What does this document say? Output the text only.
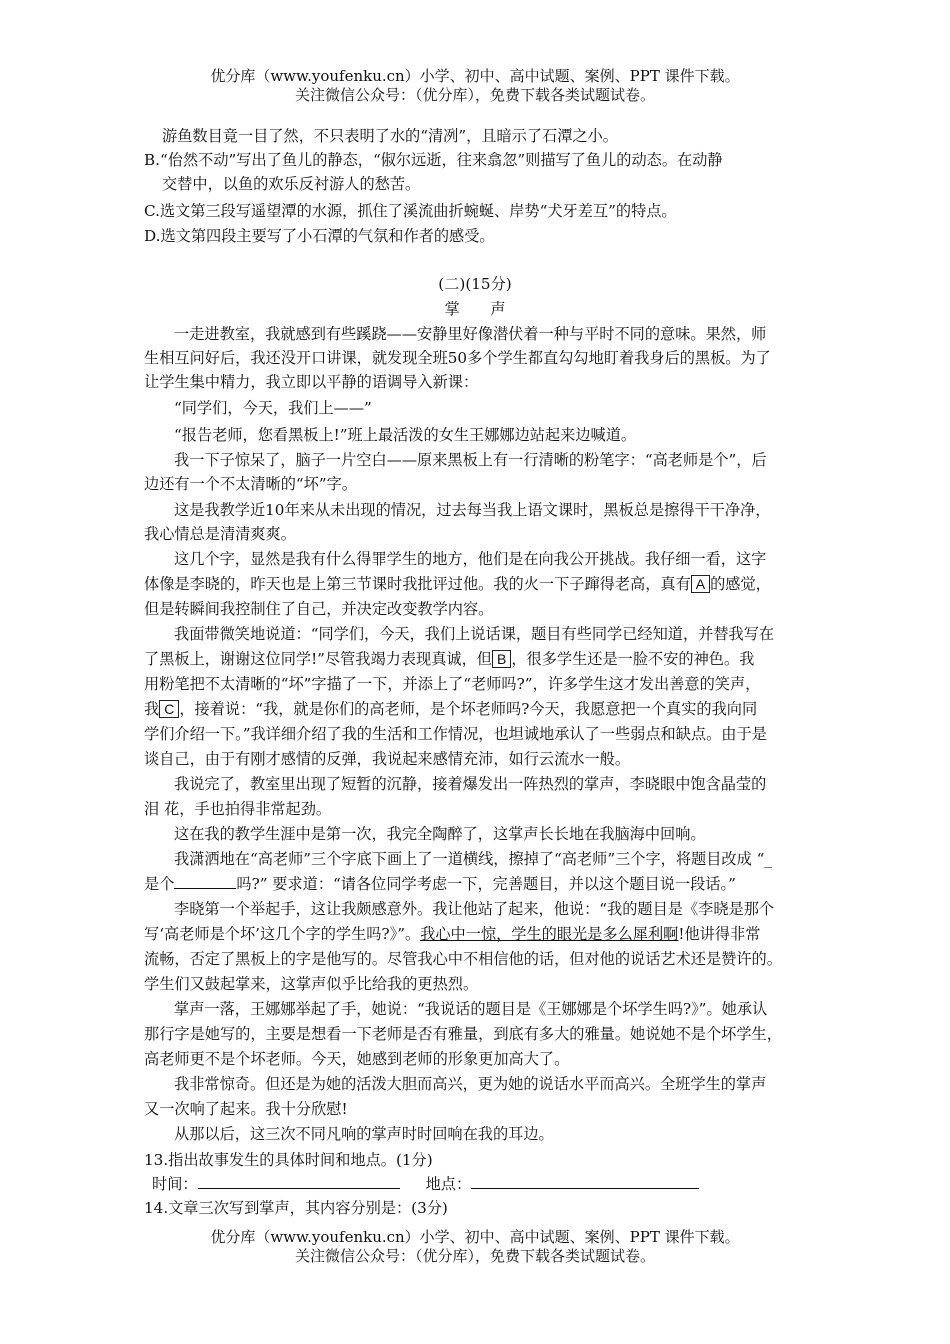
优分库（www.youfenku.cn）小学、初中、高中试题、案例、PPT 课件下载。
关注微信公众号：（优分库），免费下载各类试题试卷。
游鱼数目竟一目了然，不只表明了水的“清冽”，且暗示了石潭之小。
B.“佁然不动”写出了鱼儿的静态，“俶尔远逝，往来翕忽”则描写了鱼儿的动态。在动静
交替中，以鱼的欢乐反衬游人的愁苦。
C.选文第三段写遥望潭的水源，抓住了溪流曲折蜿蜒、岸势“犬牙差互”的特点。
D.选文第四段主要写了小石潭的气氛和作者的感受。
(二)(15分)
掌　　声
一走进教室，我就感到有些蹊跷——安静里好像潜伏着一种与平时不同的意味。果然，师
生相互问好后，我还没开口讲课，就发现全班50多个学生都直勾勾地盯着我身后的黑板。为了
让学生集中精力，我立即以平静的语调导入新课：
“同学们，今天，我们上——”
“报告老师，您看黑板上!”班上最活泼的女生王娜娜边站起来边喊道。
我一下子惊呆了，脑子一片空白——原来黑板上有一行清晰的粉笔字：“高老师是个”，后
边还有一个不太清晰的“坏”字。
这是我教学近10年来从未出现的情况，过去每当我上语文课时，黑板总是擦得干干净净，
我心情总是清清爽爽。
这几个字，显然是我有什么得罪学生的地方，他们是在向我公开挑战。我仔细一看，这字
体像是李晓的，昨天也是上第三节课时我批评过他。我的火一下子蹿得老高，真有 A 的感觉，
但是转瞬间我控制住了自己，并决定改变教学内容。
我面带微笑地说道：“同学们，今天，我们上说话课，题目有些同学已经知道，并替我写在
了黑板上，谢谢这位同学!”尽管我竭力表现真诚，但 B ，很多学生还是一脸不安的神色。我
用粉笔把不太清晰的“坏”字描了一下，并添上了“老师吗?”，许多学生这才发出善意的笑声，
我 C ，接着说：“我，就是你们的高老师，是个坏老师吗?今天，我愿意把一个真实的我向同
学们介绍一下。”我详细介绍了我的生活和工作情况，也坦诚地承认了一些弱点和缺点。由于是
谈自己，由于有刚才感情的反弹，我说起来感情充沛，如行云流水一般。
我说完了，教室里出现了短暂的沉静，接着爆发出一阵热烈的掌声，李晓眼中饱含晶莹的
泪 花，手也拍得非常起劲。
这在我的教学生涯中是第一次，我完全陶醉了，这掌声长长地在我脑海中回响。
我潇洒地在“高老师”三个字底下画上了一道横线，擦掉了“高老师”三个字，将题目改成 “_
是个	吗?” 要求道：“请各位同学考虑一下，完善题目，并以这个题目说一段话。”
李晓第一个举起手，这让我颇感意外。我让他站了起来，他说：“我的题目是《李晓是那个
写‘高老师是个坏’这几个字的学生吗?》”。我心中一惊，学生的眼光是多么犀利啊!他讲得非常
流畅，否定了黑板上的字是他写的。尽管我心中不相信他的话，但对他的说话艺术还是赞许的。
学生们又鼓起掌来，这掌声似乎比给我的更热烈。
掌声一落，王娜娜举起了手，她说：“我说话的题目是《王娜娜是个坏学生吗?》”。她承认
那行字是她写的，主要是想看一下老师是否有雅量，到底有多大的雅量。她说她不是个坏学生，
高老师更不是个坏老师。今天，她感到老师的形象更加高大了。
我非常惊奇。但还是为她的活泼大胆而高兴，更为她的说话水平而高兴。全班学生的掌声
又一次响了起来。我十分欣慰!
从那以后，这三次不同凡响的掌声时时回响在我的耳边。
13.指出故事发生的具体时间和地点。(1分)
时间：	地点：
14.文章三次写到掌声，其内容分别是：(3分)
优分库（www.youfenku.cn）小学、初中、高中试题、案例、PPT 课件下载。
关注微信公众号：（优分库），免费下载各类试题试卷。
